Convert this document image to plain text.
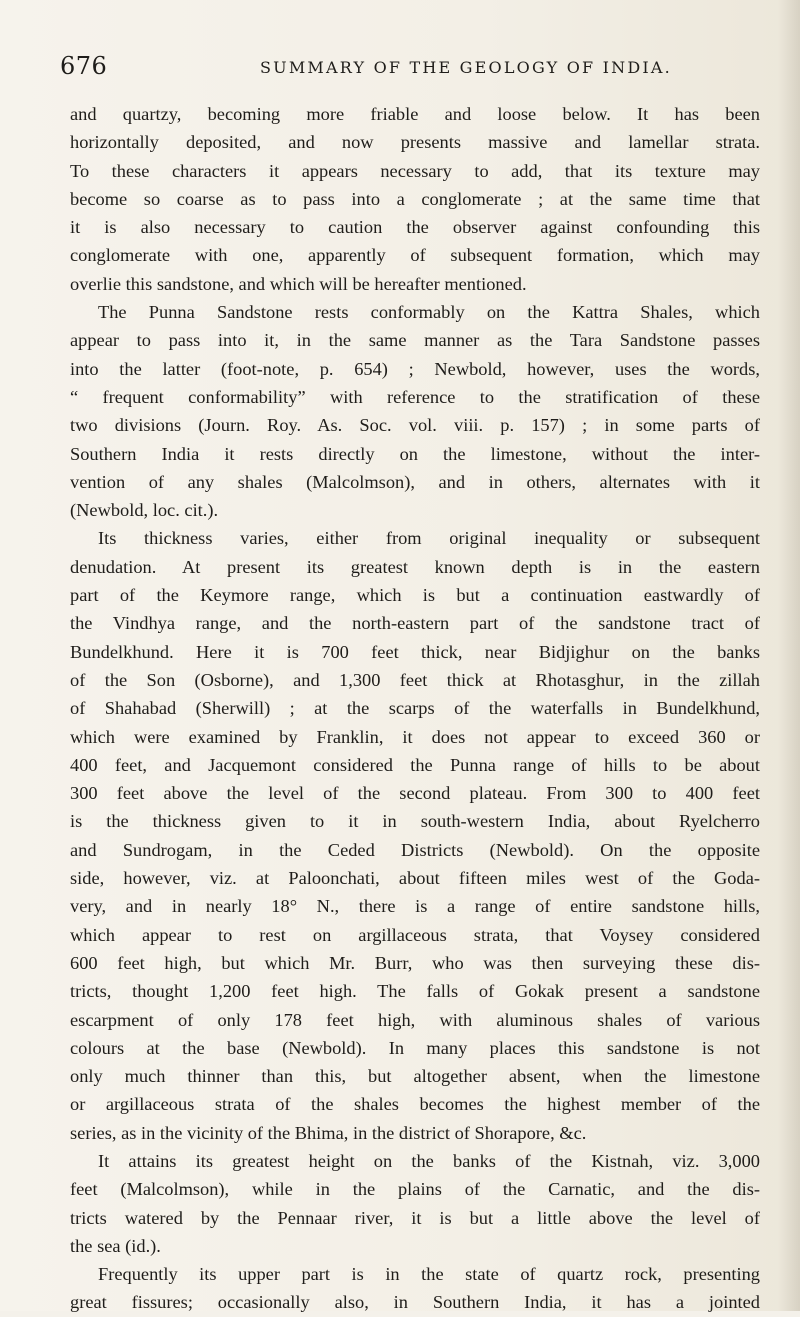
676	SUMMARY OF THE GEOLOGY OF INDIA.
and quartzy, becoming more friable and loose below. It has been
horizontally deposited, and now presents massive and lamellar strata.
To these characters it appears necessary to add, that its texture may
become so coarse as to pass into a conglomerate ; at the same time that
it is also necessary to caution the observer against confounding this
conglomerate with one, apparently of subsequent formation, which may
overlie this sandstone, and which will be hereafter mentioned.
The Punna Sandstone rests conformably on the Kattra Shales, which
appear to pass into it, in the same manner as the Tara Sandstone passes
into the latter (foot-note, p. 654) ; Newbold, however, uses the words,
“ frequent conformability” with reference to the stratification of these
two divisions (Journ. Roy. As. Soc. vol. viii. p. 157) ; in some parts of
Southern India it rests directly on the limestone, without the inter-
vention of any shales (Malcolmson), and in others, alternates with it
(Newbold, loc. cit.).
Its thickness varies, either from original inequality or subsequent
denudation. At present its greatest known depth is in the eastern
part of the Keymore range, which is but a continuation eastwardly of
the Vindhya range, and the north-eastern part of the sandstone tract of
Bundelkhund. Here it is 700 feet thick, near Bidjighur on the banks
of the Son (Osborne), and 1,300 feet thick at Rhotasghur, in the zillah
of Shahabad (Sherwill) ; at the scarps of the waterfalls in Bundelkhund,
which were examined by Franklin, it does not appear to exceed 360 or
400 feet, and Jacquemont considered the Punna range of hills to be about
300 feet above the level of the second plateau. From 300 to 400 feet
is the thickness given to it in south-western India, about Ryelcherro
and Sundrogam, in the Ceded Districts (Newbold). On the opposite
side, however, viz. at Paloonchati, about fifteen miles west of the Goda-
very, and in nearly 18° N., there is a range of entire sandstone hills,
which appear to rest on argillaceous strata, that Voysey considered
600 feet high, but which Mr. Burr, who was then surveying these dis-
tricts, thought 1,200 feet high. The falls of Gokak present a sandstone
escarpment of only 178 feet high, with aluminous shales of various
colours at the base (Newbold). In many places this sandstone is not
only much thinner than this, but altogether absent, when the limestone
or argillaceous strata of the shales becomes the highest member of the
series, as in the vicinity of the Bhima, in the district of Shorapore, &c.
It attains its greatest height on the banks of the Kistnah, viz. 3,000
feet (Malcolmson), while in the plains of the Carnatic, and the dis-
tricts watered by the Pennaar river, it is but a little above the level of
the sea (id.).
Frequently its upper part is in the state of quartz rock, presenting
great fissures; occasionally also, in Southern India, it has a jointed
